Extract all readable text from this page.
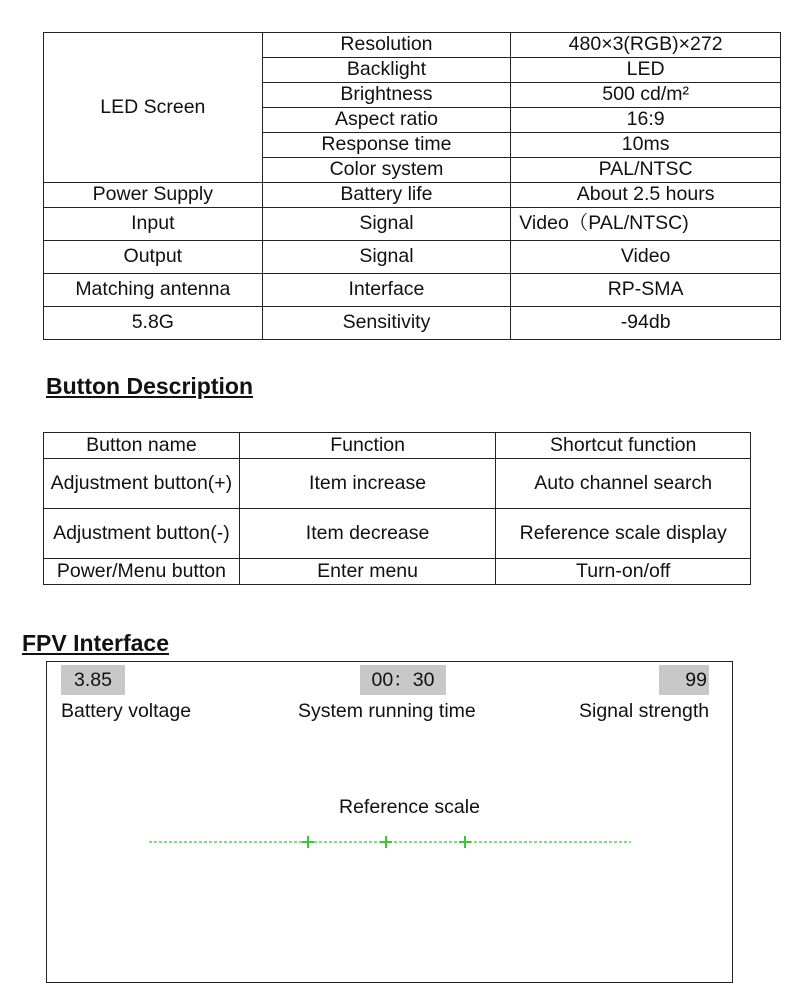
LED Screen	Resolution	480×3(RGB)×272
	Backlight	LED
	Brightness	500 cd/m²
	Aspect ratio	16:9
	Response time	10ms
	Color system	PAL/NTSC
Power Supply	Battery life	About 2.5 hours
Input	Signal	Video（PAL/NTSC)
Output	Signal	Video
Matching antenna	Interface	RP-SMA
5.8G	Sensitivity	-94db
Button Description
Button name	Function	Shortcut function
Adjustment button(+)	Item increase	Auto channel search
Adjustment button(-)	Item decrease	Reference scale display
Power/Menu button	Enter menu	Turn-on/off
FPV Interface
3.85
Battery voltage
00：30
System running time
99
Signal strength
Reference scale
